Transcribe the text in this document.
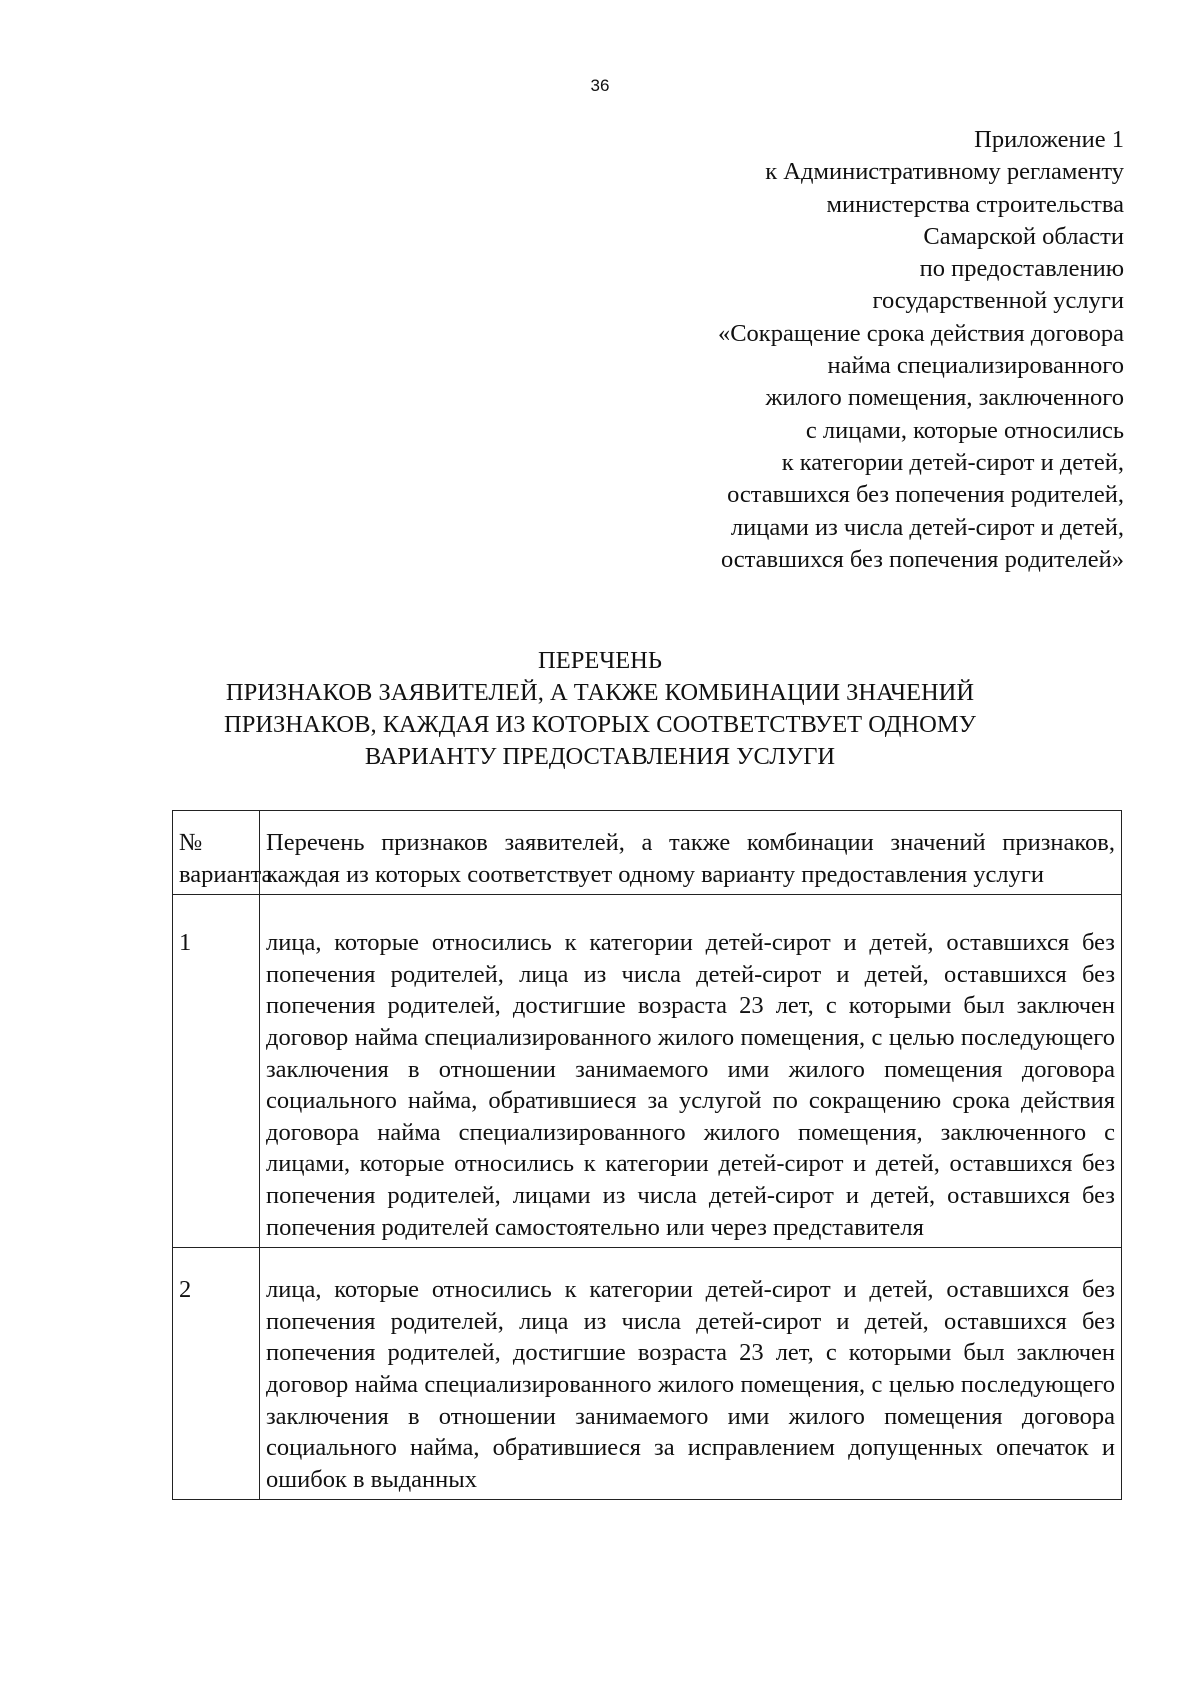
36
Приложение 1
к Административному регламенту
министерства строительства
Самарской области
по предоставлению
государственной услуги
«Сокращение срока действия договора
найма специализированного
жилого помещения, заключенного
с лицами, которые относились
к категории детей-сирот и детей,
оставшихся без попечения родителей,
лицами из числа детей-сирот и детей,
оставшихся без попечения родителей»
ПЕРЕЧЕНЬ
ПРИЗНАКОВ ЗАЯВИТЕЛЕЙ, А ТАКЖЕ КОМБИНАЦИИ ЗНАЧЕНИЙ
ПРИЗНАКОВ, КАЖДАЯ ИЗ КОТОРЫХ СООТВЕТСТВУЕТ ОДНОМУ
ВАРИАНТУ ПРЕДОСТАВЛЕНИЯ УСЛУГИ
№ варианта	Перечень признаков заявителей, а также комбинации значений признаков, каждая из которых соответствует одному варианту предоставления услуги

1	лица, которые относились к категории детей-сирот и детей, оставшихся без попечения родителей, лица из числа детей-сирот и детей, оставшихся без попечения родителей, достигшие возраста 23 лет, с которыми был заключен договор найма специализированного жилого помещения, с целью последующего заключения в отношении занимаемого ими жилого помещения договора социального найма, обратившиеся за услугой по сокращению срока действия договора найма специализированного жилого помещения, заключенного с лицами, которые относились к категории детей-сирот и детей, оставшихся без попечения родителей, лицами из числа детей-сирот и детей, оставшихся без попечения родителей самостоятельно или через представителя

2	лица, которые относились к категории детей-сирот и детей, оставшихся без попечения родителей, лица из числа детей-сирот и детей, оставшихся без попечения родителей, достигшие возраста 23 лет, с которыми был заключен договор найма специализированного жилого помещения, с целью последующего заключения в отношении занимаемого ими жилого помещения договора социального найма, обратившиеся за исправлением допущенных опечаток и ошибок в выданных
